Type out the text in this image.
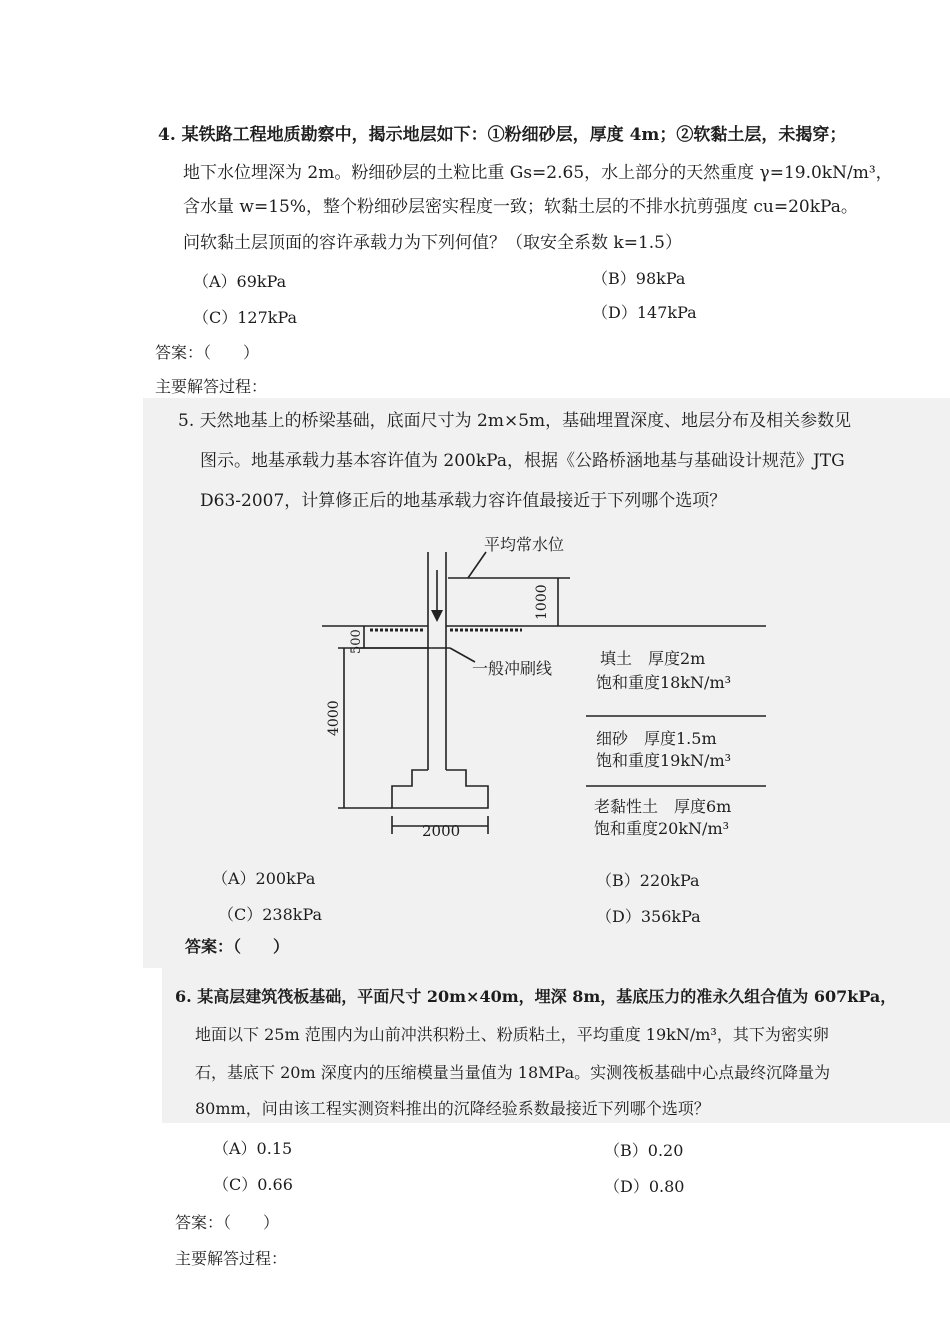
4. 某铁路工程地质勘察中，揭示地层如下：①粉细砂层，厚度 4m；②软黏土层，未揭穿；
地下水位埋深为 2m。粉细砂层的土粒比重 Gs=2.65，水上部分的天然重度 γ=19.0kN/m³，
含水量 w=15%，整个粉细砂层密实程度一致；软黏土层的不排水抗剪强度 cu=20kPa。
问软黏土层顶面的容许承载力为下列何值？（取安全系数 k=1.5）
（A）69kPa	（B）98kPa
（C）127kPa	（D）147kPa
答案：（　　）
主要解答过程：
5. 天然地基上的桥梁基础，底面尺寸为 2m×5m，基础埋置深度、地层分布及相关参数见
图示。地基承载力基本容许值为 200kPa，根据《公路桥涵地基与基础设计规范》JTG
D63-2007，计算修正后的地基承载力容许值最接近于下列哪个选项？
平均常水位
一般冲刷线
1000
500
4000
2000
填土　厚度2m
饱和重度18kN/m³
细砂　厚度1.5m
饱和重度19kN/m³
老黏性土　厚度6m
饱和重度20kN/m³
（A）200kPa	（B）220kPa
（C）238kPa	（D）356kPa
答案：（　　）
6. 某高层建筑筏板基础，平面尺寸 20m×40m，埋深 8m，基底压力的准永久组合值为 607kPa，
地面以下 25m 范围内为山前冲洪积粉土、粉质粘土，平均重度 19kN/m³，其下为密实卵
石，基底下 20m 深度内的压缩模量当量值为 18MPa。实测筏板基础中心点最终沉降量为
80mm，问由该工程实测资料推出的沉降经验系数最接近下列哪个选项？
（A）0.15	（B）0.20
（C）0.66	（D）0.80
答案：（　　）
主要解答过程：
